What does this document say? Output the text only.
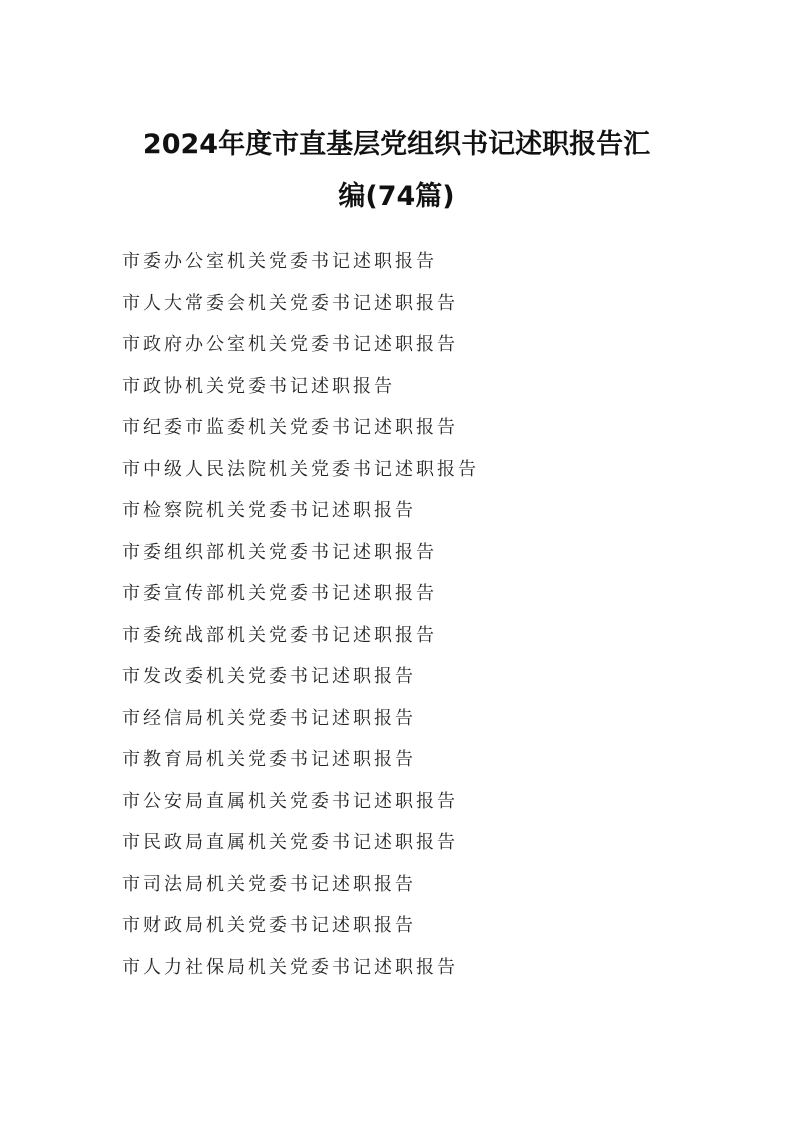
2024年度市直基层党组织书记述职报告汇
编(74篇)
市委办公室机关党委书记述职报告
市人大常委会机关党委书记述职报告
市政府办公室机关党委书记述职报告
市政协机关党委书记述职报告
市纪委市监委机关党委书记述职报告
市中级人民法院机关党委书记述职报告
市检察院机关党委书记述职报告
市委组织部机关党委书记述职报告
市委宣传部机关党委书记述职报告
市委统战部机关党委书记述职报告
市发改委机关党委书记述职报告
市经信局机关党委书记述职报告
市教育局机关党委书记述职报告
市公安局直属机关党委书记述职报告
市民政局直属机关党委书记述职报告
市司法局机关党委书记述职报告
市财政局机关党委书记述职报告
市人力社保局机关党委书记述职报告
